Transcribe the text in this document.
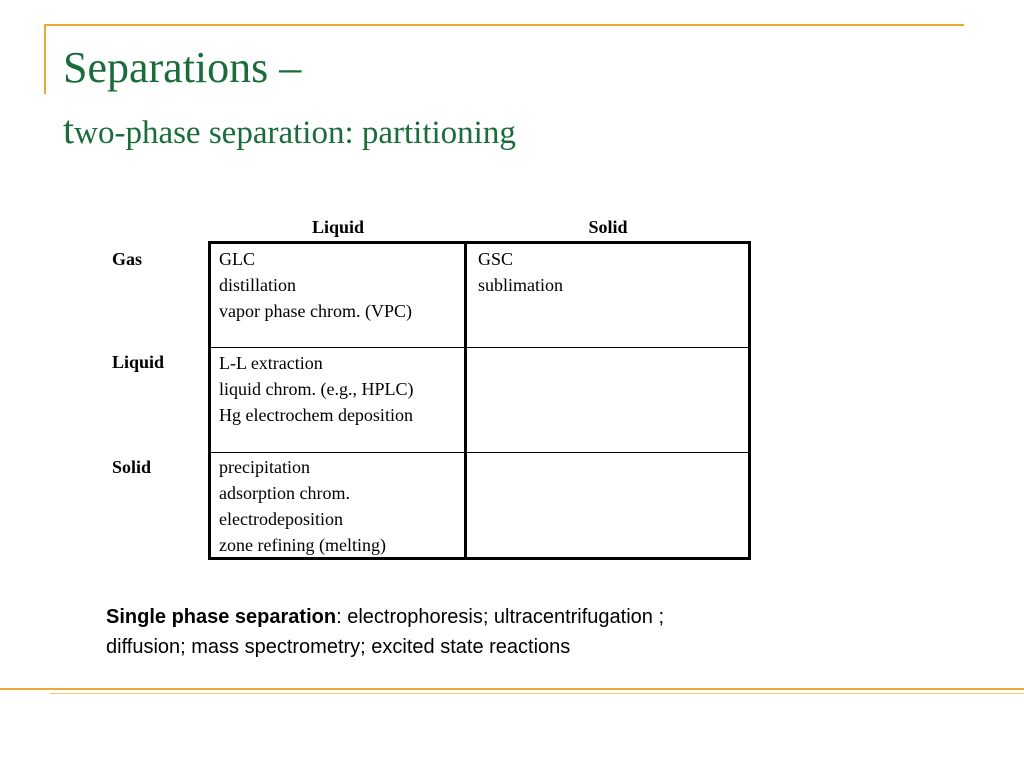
Separations –
two-phase separation: partitioning
Liquid	Solid
Gas
Liquid
Solid
GLC
distillation
vapor phase chrom. (VPC)
GSC
sublimation
L-L extraction
liquid chrom. (e.g., HPLC)
Hg electrochem deposition
precipitation
adsorption chrom.
electrodeposition
zone refining (melting)
Single phase separation: electrophoresis; ultracentrifugation ;
diffusion; mass spectrometry; excited state reactions
